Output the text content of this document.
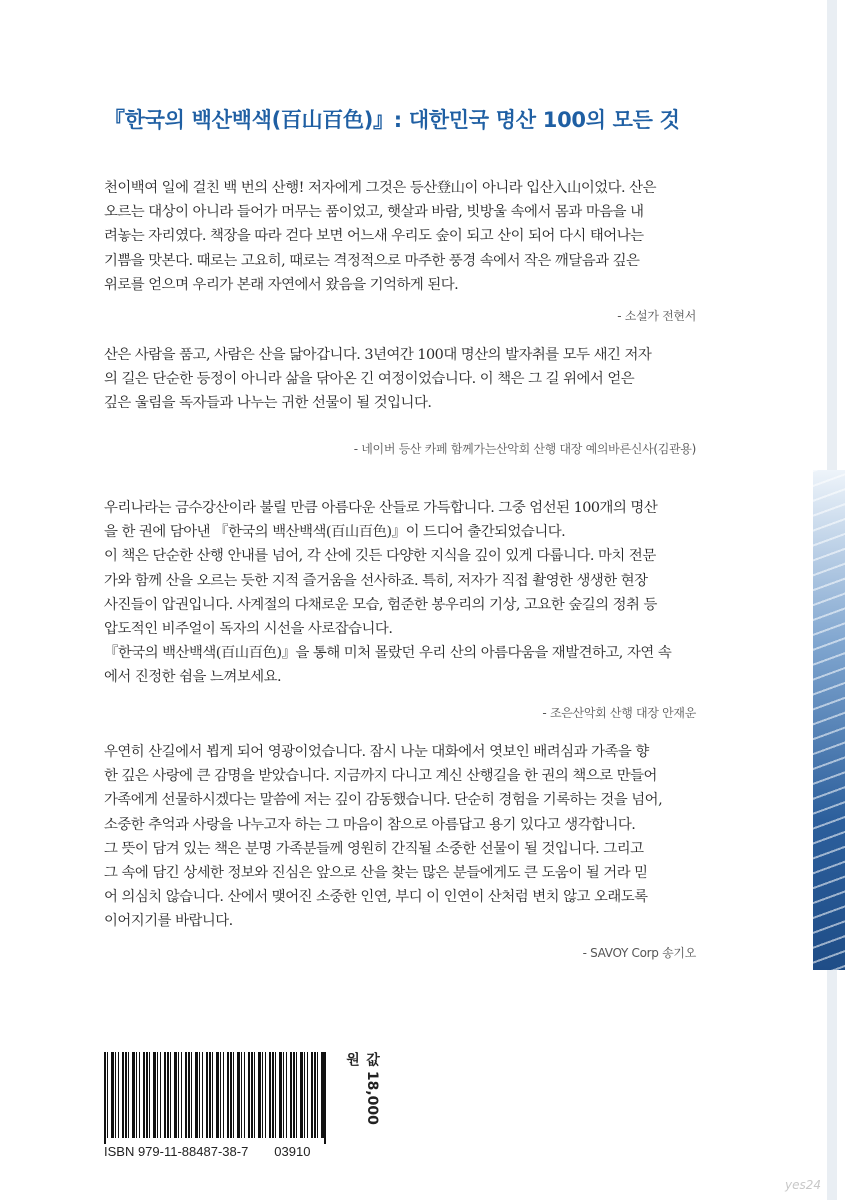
『한국의 백산백색(百山百色)』: 대한민국 명산 100의 모든 것

천이백여 일에 걸친 백 번의 산행! 저자에게 그것은 등산登山이 아니라 입산入山이었다. 산은
오르는 대상이 아니라 들어가 머무는 품이었고, 햇살과 바람, 빗방울 속에서 몸과 마음을 내
려놓는 자리였다. 책장을 따라 걷다 보면 어느새 우리도 숲이 되고 산이 되어 다시 태어나는
기쁨을 맛본다. 때로는 고요히, 때로는 격정적으로 마주한 풍경 속에서 작은 깨달음과 깊은
위로를 얻으며 우리가 본래 자연에서 왔음을 기억하게 된다.

- 소설가 전현서

산은 사람을 품고, 사람은 산을 닮아갑니다. 3년여간 100대 명산의 발자취를 모두 새긴 저자
의 길은 단순한 등정이 아니라 삶을 닦아온 긴 여정이었습니다. 이 책은 그 길 위에서 얻은
깊은 울림을 독자들과 나누는 귀한 선물이 될 것입니다.

- 네이버 등산 카페 함께가는산악회 산행 대장 예의바른신사(김관용)

우리나라는 금수강산이라 불릴 만큼 아름다운 산들로 가득합니다. 그중 엄선된 100개의 명산
을 한 권에 담아낸 『한국의 백산백색(百山百色)』이 드디어 출간되었습니다.
이 책은 단순한 산행 안내를 넘어, 각 산에 깃든 다양한 지식을 깊이 있게 다룹니다. 마치 전문
가와 함께 산을 오르는 듯한 지적 즐거움을 선사하죠. 특히, 저자가 직접 촬영한 생생한 현장
사진들이 압권입니다. 사계절의 다채로운 모습, 험준한 봉우리의 기상, 고요한 숲길의 정취 등
압도적인 비주얼이 독자의 시선을 사로잡습니다.
『한국의 백산백색(百山百色)』을 통해 미처 몰랐던 우리 산의 아름다움을 재발견하고, 자연 속
에서 진정한 쉼을 느껴보세요.

- 조은산악회 산행 대장 안재운

우연히 산길에서 뵙게 되어 영광이었습니다. 잠시 나눈 대화에서 엿보인 배려심과 가족을 향
한 깊은 사랑에 큰 감명을 받았습니다. 지금까지 다니고 계신 산행길을 한 권의 책으로 만들어
가족에게 선물하시겠다는 말씀에 저는 깊이 감동했습니다. 단순히 경험을 기록하는 것을 넘어,
소중한 추억과 사랑을 나누고자 하는 그 마음이 참으로 아름답고 용기 있다고 생각합니다.
그 뜻이 담겨 있는 책은 분명 가족분들께 영원히 간직될 소중한 선물이 될 것입니다. 그리고
그 속에 담긴 상세한 정보와 진심은 앞으로 산을 찾는 많은 분들에게도 큰 도움이 될 거라 믿
어 의심치 않습니다. 산에서 맺어진 소중한 인연, 부디 이 인연이 산처럼 변치 않고 오래도록
이어지기를 바랍니다.

- SAVOY Corp 송기오
값 18,000원
ISBN 979-11-88487-38-7 03910
yes24
